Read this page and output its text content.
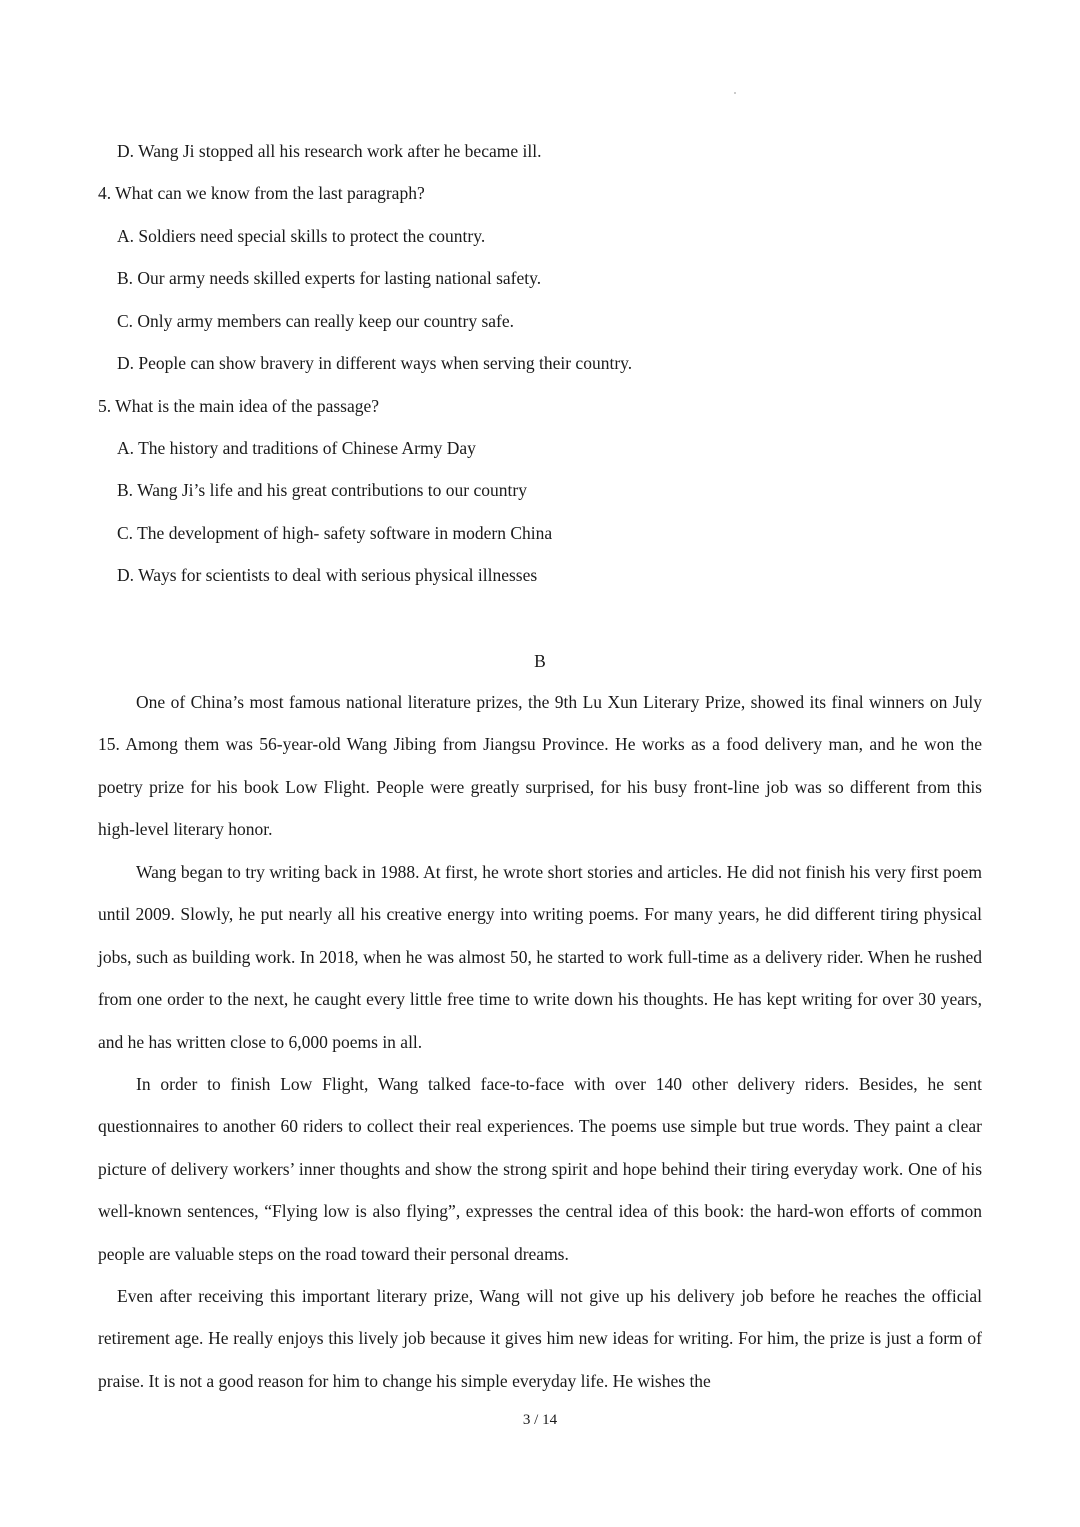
D. Wang Ji stopped all his research work after he became ill.
4. What can we know from the last paragraph?
A. Soldiers need special skills to protect the country.
B. Our army needs skilled experts for lasting national safety.
C. Only army members can really keep our country safe.
D. People can show bravery in different ways when serving their country.
5. What is the main idea of the passage?
A. The history and traditions of Chinese Army Day
B. Wang Ji’s life and his great contributions to our country
C. The development of high- safety software in modern China
D. Ways for scientists to deal with serious physical illnesses
B

One of China’s most famous national literature prizes, the 9th Lu Xun Literary Prize, showed its final winners on July 15. Among them was 56-year-old Wang Jibing from Jiangsu Province. He works as a food delivery man, and he won the poetry prize for his book Low Flight. People were greatly surprised, for his busy front-line job was so different from this high-level literary honor.

Wang began to try writing back in 1988. At first, he wrote short stories and articles. He did not finish his very first poem until 2009. Slowly, he put nearly all his creative energy into writing poems. For many years, he did different tiring physical jobs, such as building work. In 2018, when he was almost 50, he started to work full-time as a delivery rider. When he rushed from one order to the next, he caught every little free time to write down his thoughts. He has kept writing for over 30 years, and he has written close to 6,000 poems in all.

In order to finish Low Flight, Wang talked face-to-face with over 140 other delivery riders. Besides, he sent questionnaires to another 60 riders to collect their real experiences. The poems use simple but true words. They paint a clear picture of delivery workers’ inner thoughts and show the strong spirit and hope behind their tiring everyday work. One of his well-known sentences, “Flying low is also flying”, expresses the central idea of this book: the hard-won efforts of common people are valuable steps on the road toward their personal dreams.

Even after receiving this important literary prize, Wang will not give up his delivery job before he reaches the official retirement age. He really enjoys this lively job because it gives him new ideas for writing. For him, the prize is just a form of praise. It is not a good reason for him to change his simple everyday life. He wishes the

3 / 14
